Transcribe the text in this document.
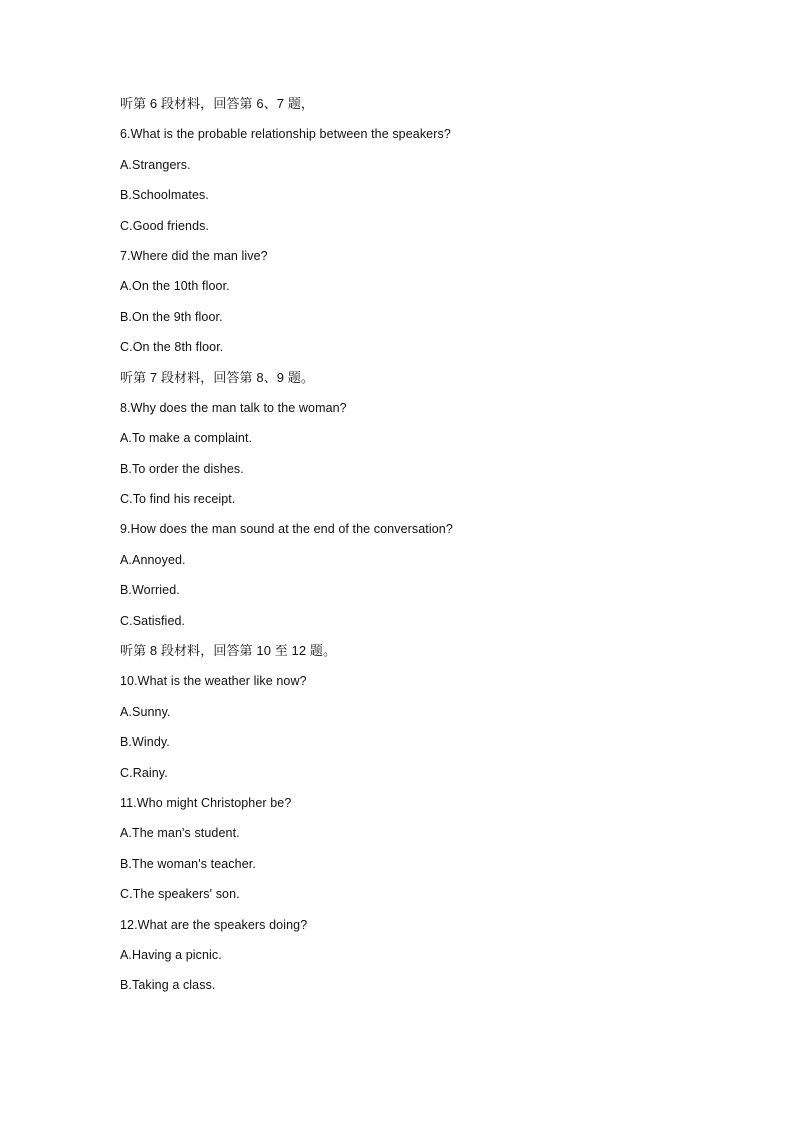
听第 6 段材料，回答第 6、7 题，
6.What is the probable relationship between the speakers?
A.Strangers.
B.Schoolmates.
C.Good friends.
7.Where did the man live?
A.On the 10th floor.
B.On the 9th floor.
C.On the 8th floor.
听第 7 段材料，回答第 8、9 题。
8.Why does the man talk to the woman?
A.To make a complaint.
B.To order the dishes.
C.To find his receipt.
9.How does the man sound at the end of the conversation?
A.Annoyed.
B.Worried.
C.Satisfied.
听第 8 段材料，回答第 10 至 12 题。
10.What is the weather like now?
A.Sunny.
B.Windy.
C.Rainy.
11.Who might Christopher be?
A.The man's student.
B.The woman's teacher.
C.The speakers' son.
12.What are the speakers doing?
A.Having a picnic.
B.Taking a class.
